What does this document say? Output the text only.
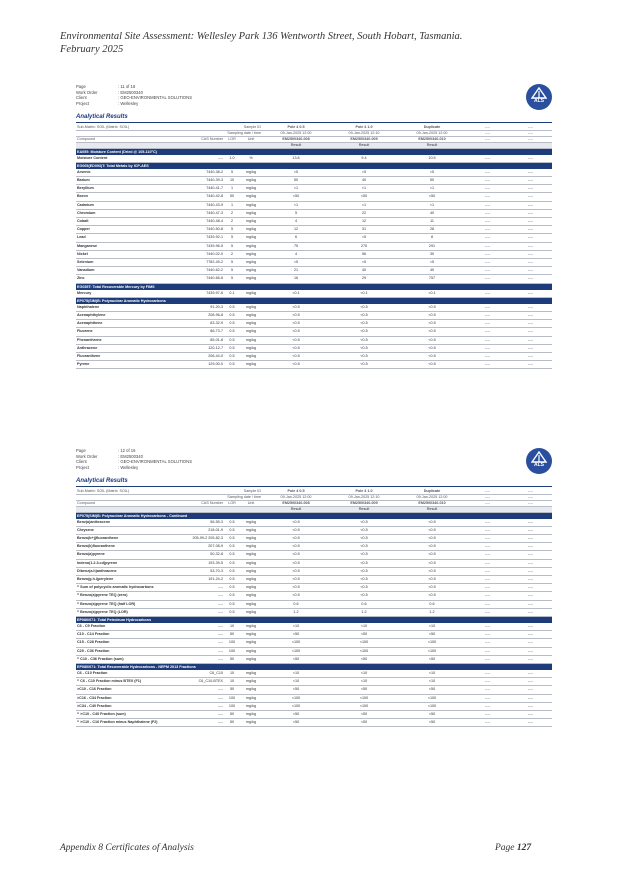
Environmental Site Assessment: Wellesley Park 136 Wentworth Street, South Hobart, Tasmania.
February 2025
Page	: 11 of 16
Work Order	: EM2500340
Client	: GEO-ENVIRONMENTAL SOLUTIONS
Project	: Wellesley	ALS
Analytical Results
Sub-Matrix: SOIL (Matrix: SOIL)		Sample ID		Pole 4 0.5	Pole 4 1.0	Duplicate	----	----
		Sampling date / time		09-Jan-2025 12:00	09-Jan-2025 12:10	09-Jan-2025 12:00	----	----
Compound	CAS Number	LOR	Unit	EM2500340-008	EM2500340-009	EM2500340-010	----	----
				Result	Result	Result		
EA055: Moisture Content (Dried @ 105-110°C)								
Moisture Content	----	1.0	%	13.8	9.4	10.5	----	----
EG005(ED093)T: Total Metals by ICP-AES								
Arsenic	7440-38-2	5	mg/kg	<5	<5	<5	----	----
Barium	7440-39-3	10	mg/kg	50	40	50	----	----
Beryllium	7440-41-7	1	mg/kg	<1	<1	<1	----	----
Boron	7440-42-8	50	mg/kg	<50	<50	<50	----	----
Cadmium	7440-43-9	1	mg/kg	<1	<1	<1	----	----
Chromium	7440-47-3	2	mg/kg	5	22	40	----	----
Cobalt	7440-48-4	2	mg/kg	4	12	11	----	----
Copper	7440-50-8	5	mg/kg	12	31	28	----	----
Lead	7439-92-1	5	mg/kg	6	<5	8	----	----
Manganese	7439-96-5	5	mg/kg	75	275	291	----	----
Nickel	7440-02-0	2	mg/kg	4	56	30	----	----
Selenium	7782-49-2	5	mg/kg	<5	<5	<5	----	----
Vanadium	7440-62-2	5	mg/kg	21	40	40	----	----
Zinc	7440-66-6	5	mg/kg	16	29	757	----	----
EG035T: Total Recoverable Mercury by FIMS								
Mercury	7439-97-6	0.1	mg/kg	<0.1	<0.1	<0.1	----	----
EP075(SIM)B: Polynuclear Aromatic Hydrocarbons								
Naphthalene	91-20-3	0.5	mg/kg	<0.5	<0.5	<0.5	----	----
Acenaphthylene	208-96-8	0.5	mg/kg	<0.5	<0.5	<0.5	----	----
Acenaphthene	83-32-9	0.5	mg/kg	<0.5	<0.5	<0.5	----	----
Fluorene	86-73-7	0.5	mg/kg	<0.5	<0.5	<0.5	----	----
Phenanthrene	85-01-8	0.5	mg/kg	<0.5	<0.5	<0.5	----	----
Anthracene	120-12-7	0.5	mg/kg	<0.5	<0.5	<0.5	----	----
Fluoranthene	206-44-0	0.5	mg/kg	<0.5	<0.5	<0.5	----	----
Pyrene	129-00-0	0.5	mg/kg	<0.5	<0.5	<0.5	----	----
Page	: 12 of 16
Work Order	: EM2500340
Client	: GEO-ENVIRONMENTAL SOLUTIONS
Project	: Wellesley	ALS
Analytical Results
Sub-Matrix: SOIL (Matrix: SOIL)		Sample ID		Pole 4 0.5	Pole 4 1.0	Duplicate	----	----
		Sampling date / time		09-Jan-2025 12:00	09-Jan-2025 12:10	09-Jan-2025 12:00	----	----
Compound	CAS Number	LOR	Unit	EM2500340-008	EM2500340-009	EM2500340-010	----	----
				Result	Result	Result		
EP075(SIM)B: Polynuclear Aromatic Hydrocarbons - Continued								
Benz(a)anthracene	56-55-3	0.5	mg/kg	<0.5	<0.5	<0.5	----	----
Chrysene	218-01-9	0.5	mg/kg	<0.5	<0.5	<0.5	----	----
Benzo(b+j)fluoranthene	205-99-2 205-82-3	0.5	mg/kg	<0.5	<0.5	<0.5	----	----
Benzo(k)fluoranthene	207-08-9	0.5	mg/kg	<0.5	<0.5	<0.5	----	----
Benzo(a)pyrene	50-32-8	0.5	mg/kg	<0.5	<0.5	<0.5	----	----
Indeno(1.2.3.cd)pyrene	193-39-5	0.5	mg/kg	<0.5	<0.5	<0.5	----	----
Dibenz(a.h)anthracene	53-70-3	0.5	mg/kg	<0.5	<0.5	<0.5	----	----
Benzo(g.h.i)perylene	191-24-2	0.5	mg/kg	<0.5	<0.5	<0.5	----	----
^ Sum of polycyclic aromatic hydrocarbons	----	0.5	mg/kg	<0.5	<0.5	<0.5	----	----
^ Benzo(a)pyrene TEQ (zero)	----	0.5	mg/kg	<0.5	<0.5	<0.5	----	----
^ Benzo(a)pyrene TEQ (half LOR)	----	0.5	mg/kg	0.6	0.6	0.6	----	----
^ Benzo(a)pyrene TEQ (LOR)	----	0.5	mg/kg	1.2	1.2	1.2	----	----
EP080/071: Total Petroleum Hydrocarbons								
C6 - C9 Fraction	----	10	mg/kg	<10	<10	<10	----	----
C10 - C14 Fraction	----	50	mg/kg	<50	<50	<50	----	----
C15 - C28 Fraction	----	100	mg/kg	<100	<100	<100	----	----
C29 - C36 Fraction	----	100	mg/kg	<100	<100	<100	----	----
^ C10 - C36 Fraction (sum)	----	50	mg/kg	<50	<50	<50	----	----
EP080/071: Total Recoverable Hydrocarbons - NEPM 2013 Fractions								
C6 - C10 Fraction	C6_C10	10	mg/kg	<10	<10	<10	----	----
^ C6 - C10 Fraction minus BTEX (F1)	C6_C10-BTEX	10	mg/kg	<10	<10	<10	----	----
>C10 - C16 Fraction	----	50	mg/kg	<50	<50	<50	----	----
>C16 - C34 Fraction	----	100	mg/kg	<100	<100	<100	----	----
>C34 - C40 Fraction	----	100	mg/kg	<100	<100	<100	----	----
^ >C10 - C40 Fraction (sum)	----	50	mg/kg	<50	<50	<50	----	----
^ >C10 - C16 Fraction minus Naphthalene (F2)	----	50	mg/kg	<50	<50	<50	----	----
Appendix 8 Certificates of Analysis	Page 127
